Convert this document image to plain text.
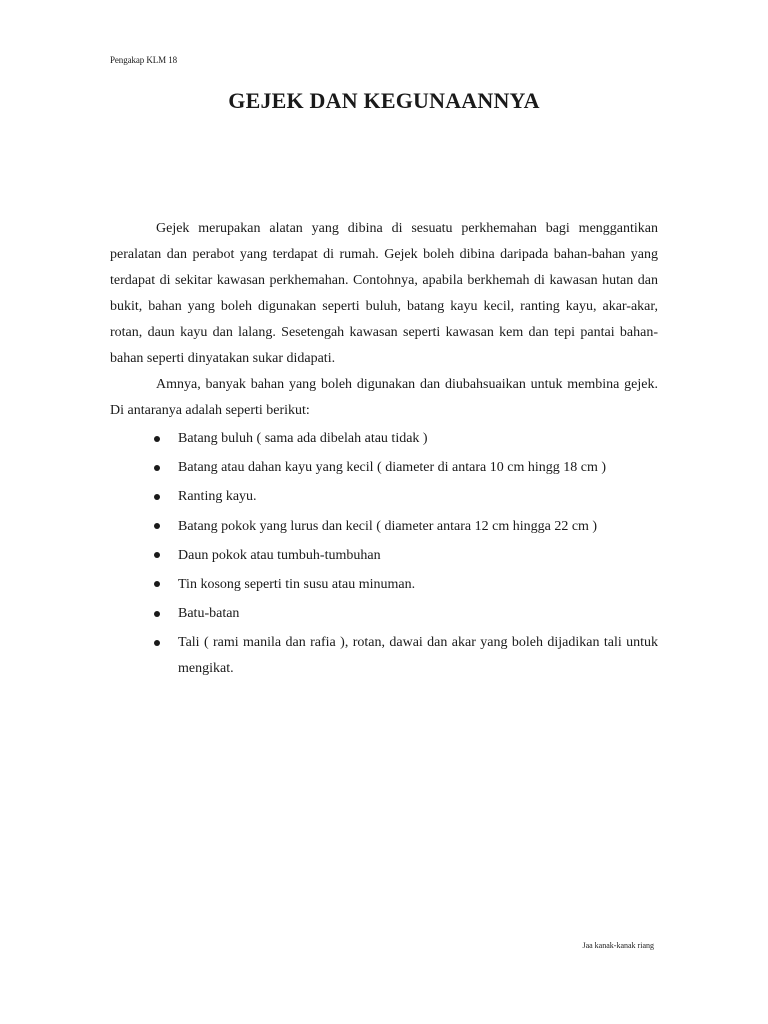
Pengakap KLM 18
GEJEK DAN KEGUNAANNYA

Gejek merupakan alatan yang dibina di sesuatu perkhemahan bagi menggantikan peralatan dan perabot yang terdapat di rumah. Gejek boleh dibina daripada bahan-bahan yang terdapat di sekitar kawasan perkhemahan. Contohnya, apabila berkhemah di kawasan hutan dan bukit, bahan yang boleh digunakan seperti buluh, batang kayu kecil, ranting kayu, akar-akar, rotan, daun kayu dan lalang. Sesetengah kawasan seperti kawasan kem dan tepi pantai bahan-bahan seperti dinyatakan sukar didapati.

Amnya, banyak bahan yang boleh digunakan dan diubahsuaikan untuk membina gejek. Di antaranya adalah seperti berikut:

Batang buluh ( sama ada dibelah atau tidak )
Batang atau dahan kayu yang kecil ( diameter di antara 10 cm hingg 18 cm )
Ranting kayu.
Batang pokok yang lurus dan kecil ( diameter antara 12 cm hingga 22 cm )
Daun pokok atau tumbuh-tumbuhan
Tin kosong seperti tin susu atau minuman.
Batu-batan
Tali ( rami manila dan rafia ), rotan, dawai dan akar yang boleh dijadikan tali untuk mengikat.
Jaa kanak-kanak riang
